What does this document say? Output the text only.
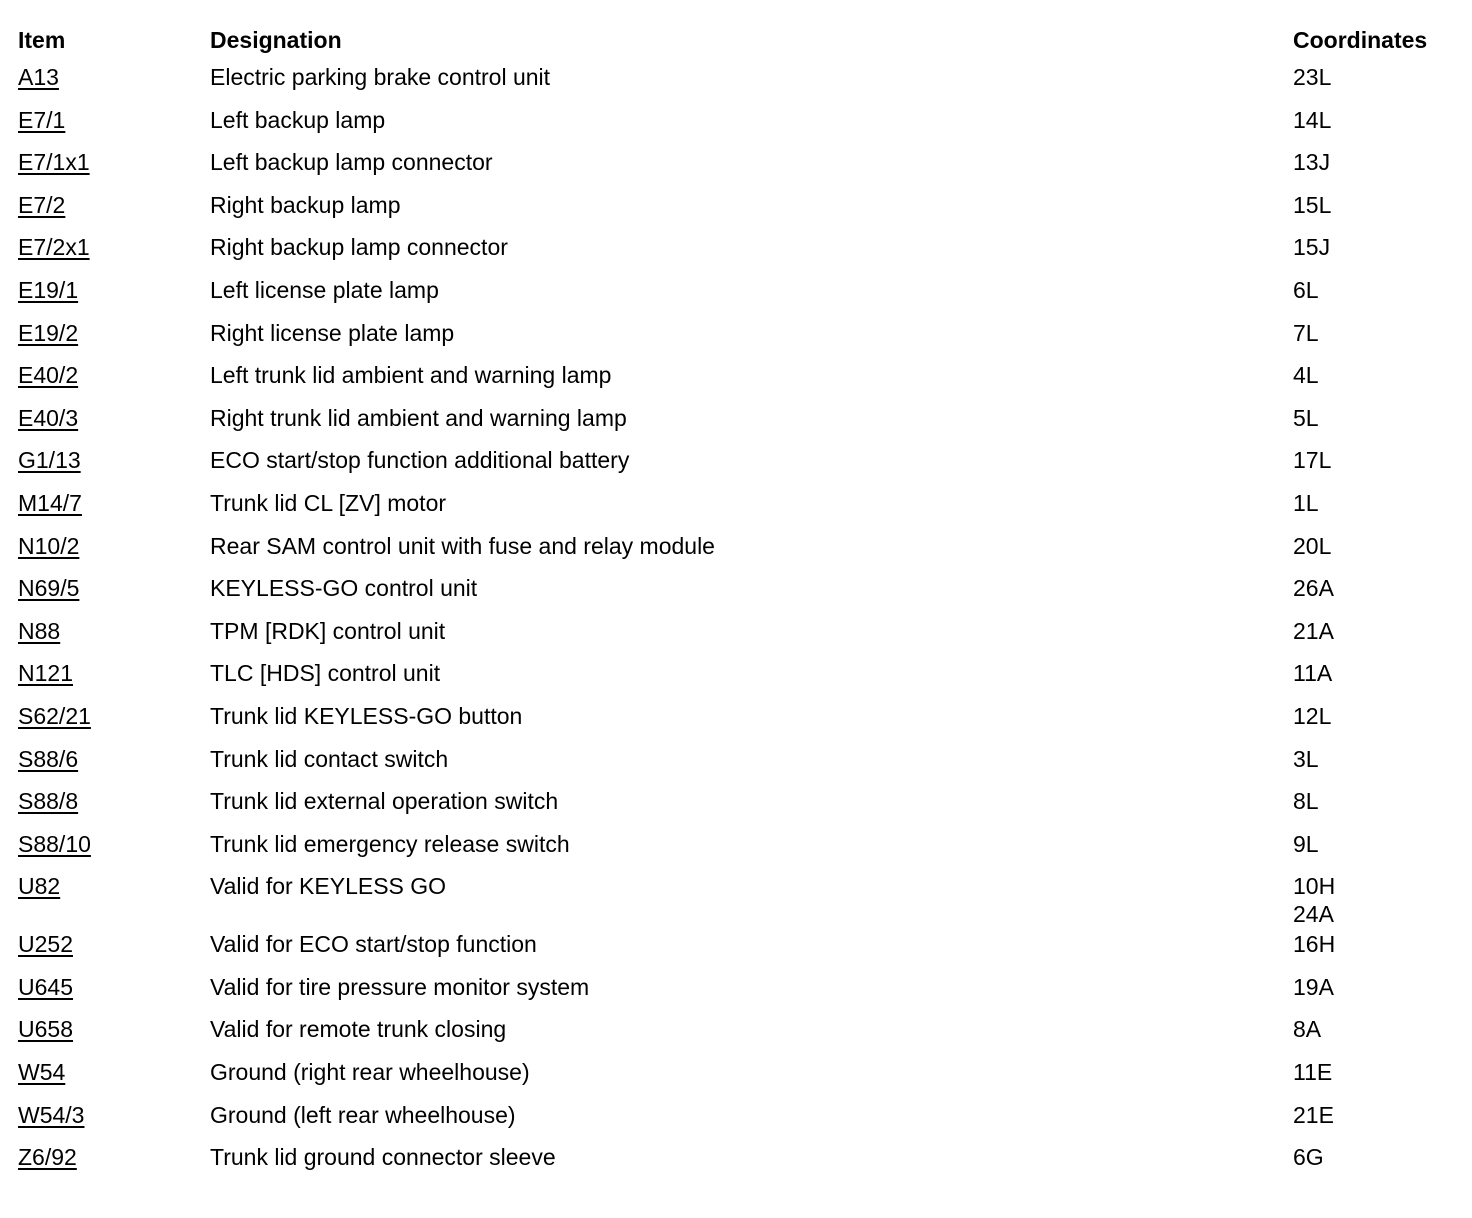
Item	Designation	Coordinates
A13	Electric parking brake control unit	23L

E7/1	Left backup lamp	14L

E7/1x1	Left backup lamp connector	13J

E7/2	Right backup lamp	15L

E7/2x1	Right backup lamp connector	15J

E19/1	Left license plate lamp	6L

E19/2	Right license plate lamp	7L

E40/2	Left trunk lid ambient and warning lamp	4L

E40/3	Right trunk lid ambient and warning lamp	5L

G1/13	ECO start/stop function additional battery	17L

M14/7	Trunk lid CL [ZV] motor	1L

N10/2	Rear SAM control unit with fuse and relay module	20L

N69/5	KEYLESS-GO control unit	26A

N88	TPM [RDK] control unit	21A

N121	TLC [HDS] control unit	11A

S62/21	Trunk lid KEYLESS-GO button	12L

S88/6	Trunk lid contact switch	3L

S88/8	Trunk lid external operation switch	8L

S88/10	Trunk lid emergency release switch	9L

U82	Valid for KEYLESS GO	10H
24A

U252	Valid for ECO start/stop function	16H

U645	Valid for tire pressure monitor system	19A

U658	Valid for remote trunk closing	8A

W54	Ground (right rear wheelhouse)	11E

W54/3	Ground (left rear wheelhouse)	21E

Z6/92	Trunk lid ground connector sleeve	6G
